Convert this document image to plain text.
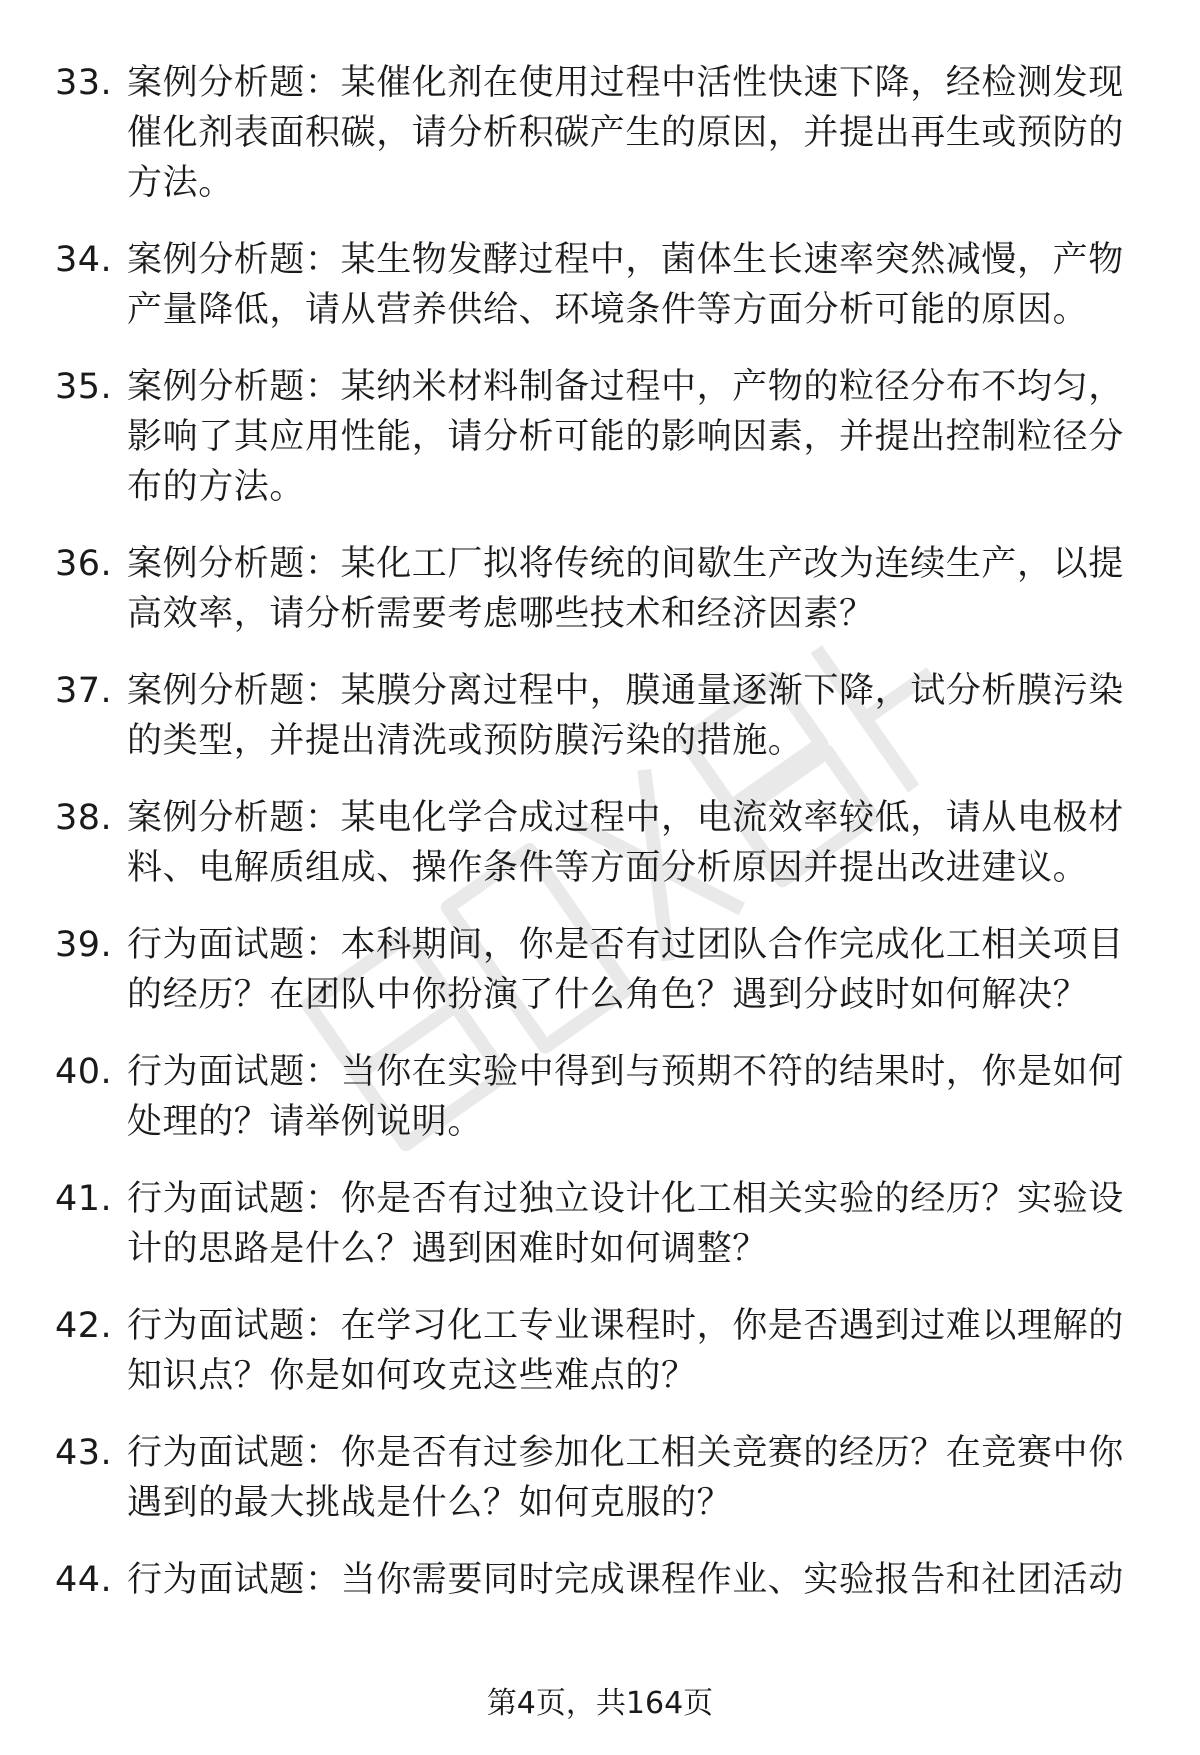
33. 案例分析题：某催化剂在使用过程中活性快速下降，经检测发现催化剂表面积碳，请分析积碳产生的原因，并提出再生或预防的方法。
34. 案例分析题：某生物发酵过程中，菌体生长速率突然减慢，产物产量降低，请从营养供给、环境条件等方面分析可能的原因。
35. 案例分析题：某纳米材料制备过程中，产物的粒径分布不均匀，影响了其应用性能，请分析可能的影响因素，并提出控制粒径分布的方法。
36. 案例分析题：某化工厂拟将传统的间歇生产改为连续生产，以提高效率，请分析需要考虑哪些技术和经济因素？
37. 案例分析题：某膜分离过程中，膜通量逐渐下降，试分析膜污染的类型，并提出清洗或预防膜污染的措施。
38. 案例分析题：某电化学合成过程中，电流效率较低，请从电极材料、电解质组成、操作条件等方面分析原因并提出改进建议。
39. 行为面试题：本科期间，你是否有过团队合作完成化工相关项目的经历？在团队中你扮演了什么角色？遇到分歧时如何解决？
40. 行为面试题：当你在实验中得到与预期不符的结果时，你是如何处理的？请举例说明。
41. 行为面试题：你是否有过独立设计化工相关实验的经历？实验设计的思路是什么？遇到困难时如何调整？
42. 行为面试题：在学习化工专业课程时，你是否遇到过难以理解的知识点？你是如何攻克这些难点的？
43. 行为面试题：你是否有过参加化工相关竞赛的经历？在竞赛中你遇到的最大挑战是什么？如何克服的？
44. 行为面试题：当你需要同时完成课程作业、实验报告和社团活动
第4页，共164页
